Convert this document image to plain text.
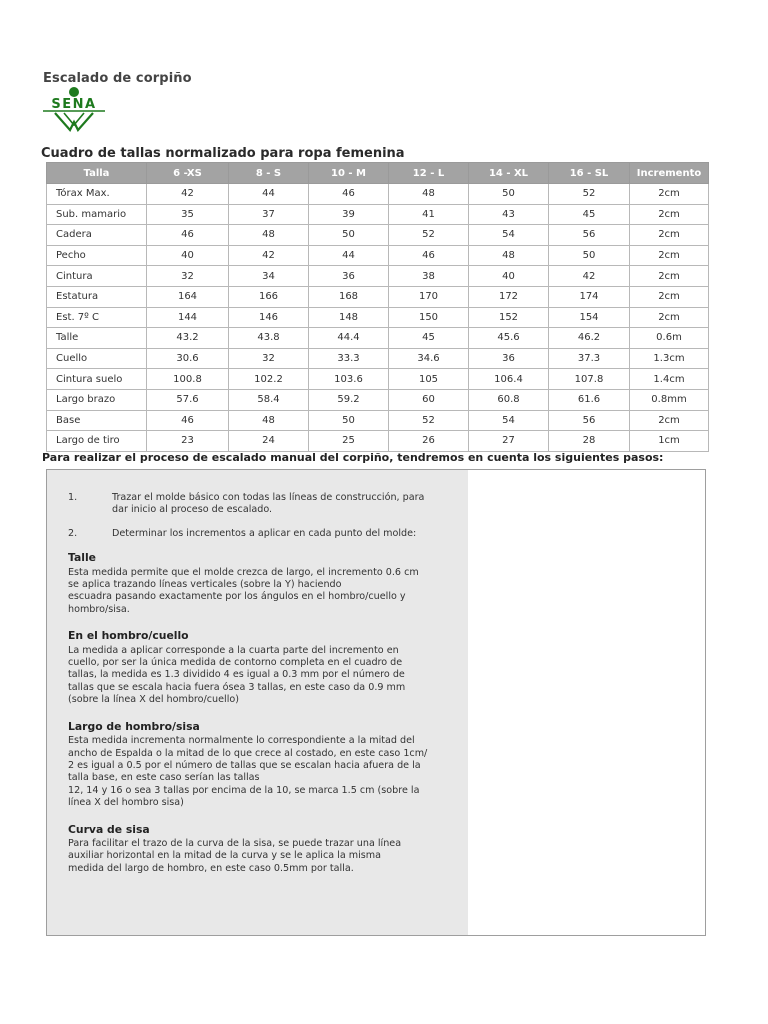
Escalado de corpiño
SENA
Cuadro de tallas normalizado para ropa femenina
Talla	6 -XS	8 - S	10 - M	12 - L	14 - XL	16 - SL	Incremento
Tórax Max.	42	44	46	48	50	52	2cm
Sub. mamario	35	37	39	41	43	45	2cm
Cadera	46	48	50	52	54	56	2cm
Pecho	40	42	44	46	48	50	2cm
Cintura	32	34	36	38	40	42	2cm
Estatura	164	166	168	170	172	174	2cm
Est. 7º C	144	146	148	150	152	154	2cm
Talle	43.2	43.8	44.4	45	45.6	46.2	0.6m
Cuello	30.6	32	33.3	34.6	36	37.3	1.3cm
Cintura suelo	100.8	102.2	103.6	105	106.4	107.8	1.4cm
Largo brazo	57.6	58.4	59.2	60	60.8	61.6	0.8mm
Base	46	48	50	52	54	56	2cm
Largo de tiro	23	24	25	26	27	28	1cm
Para realizar el proceso de escalado manual del corpiño, tendremos en cuenta los siguientes pasos:
1.	Trazar el molde básico con todas las líneas de construcción, para dar inicio al proceso de escalado.
2.	Determinar los incrementos a aplicar en cada punto del molde:
Talle
Esta medida permite que el molde crezca de largo, el incremento 0.6 cm
se aplica trazando líneas verticales (sobre la Y) haciendo
escuadra pasando exactamente por los ángulos en el hombro/cuello y
hombro/sisa.
En el hombro/cuello
La medida a aplicar corresponde a la cuarta parte del incremento en
cuello, por ser la única medida de contorno completa en el cuadro de
tallas, la medida es 1.3 dividido 4 es igual a 0.3 mm por el número de
tallas que se escala hacia fuera ósea 3 tallas, en este caso da 0.9 mm
(sobre la línea X del hombro/cuello)
Largo de hombro/sisa
Esta medida incrementa normalmente lo correspondiente a la mitad del
ancho de Espalda o la mitad de lo que crece al costado, en este caso 1cm/
2 es igual a 0.5 por el número de tallas que se escalan hacia afuera de la
talla base, en este caso serían las tallas
12, 14 y 16 o sea 3 tallas por encima de la 10, se marca 1.5 cm (sobre la
línea X del hombro sisa)
Curva de sisa
Para facilitar el trazo de la curva de la sisa, se puede trazar una línea
auxiliar horizontal en la mitad de la curva y se le aplica la misma
medida del largo de hombro, en este caso 0.5mm por talla.
